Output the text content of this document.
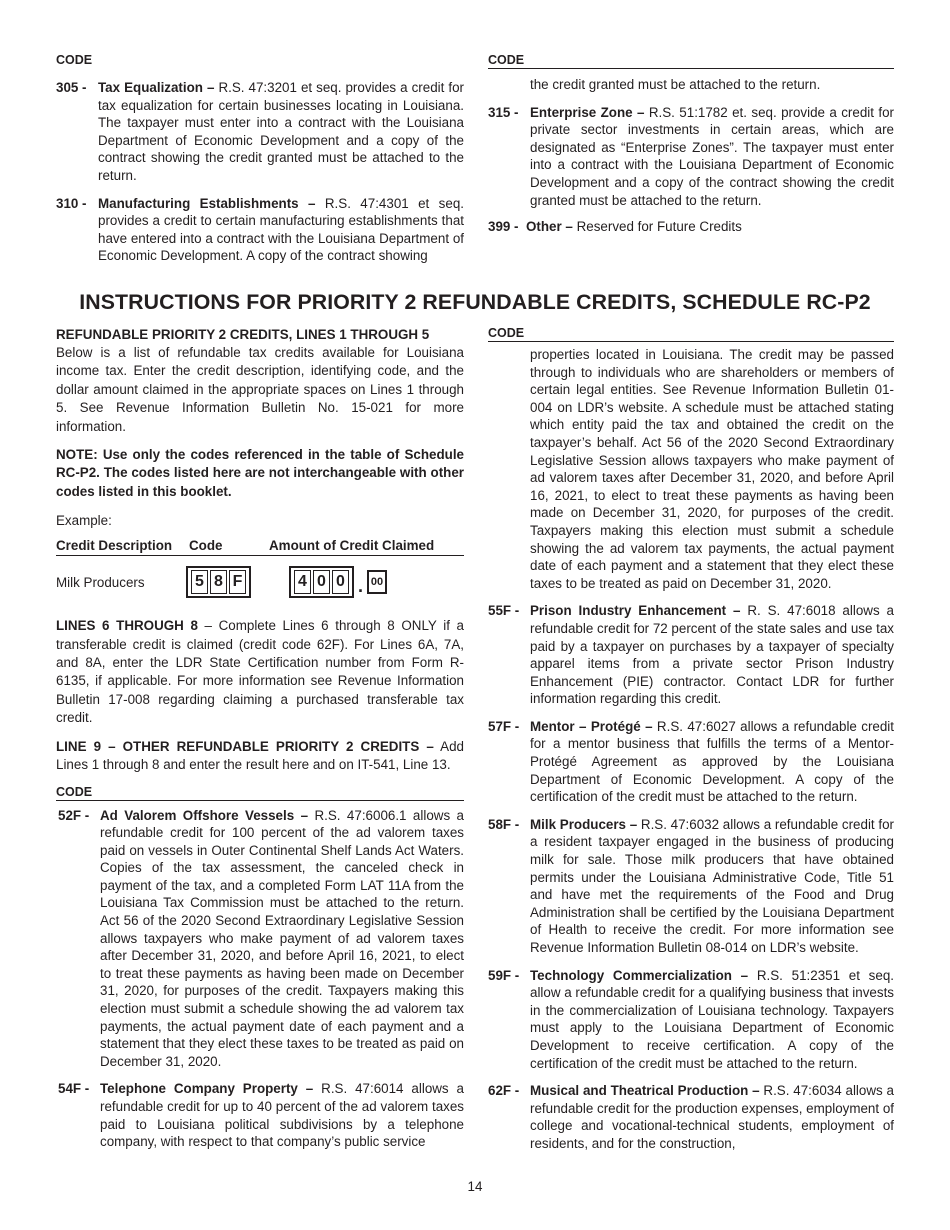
CODE
305 - Tax Equalization – R.S. 47:3201 et seq. provides a credit for tax equalization for certain businesses locating in Louisiana. The taxpayer must enter into a contract with the Louisiana Department of Economic Development and a copy of the contract showing the credit granted must be attached to the return.
310 - Manufacturing Establishments – R.S. 47:4301 et seq. provides a credit to certain manufacturing establishments that have entered into a contract with the Louisiana Department of Economic Development. A copy of the contract showing
CODE
the credit granted must be attached to the return.
315 - Enterprise Zone – R.S. 51:1782 et. seq. provide a credit for private sector investments in certain areas, which are designated as “Enterprise Zones”. The taxpayer must enter into a contract with the Louisiana Department of Economic Development and a copy of the contract showing the credit granted must be attached to the return.
399 - Other – Reserved for Future Credits
INSTRUCTIONS FOR PRIORITY 2 REFUNDABLE CREDITS, SCHEDULE RC-P2
REFUNDABLE PRIORITY 2 CREDITS, LINES 1 THROUGH 5
Below is a list of refundable tax credits available for Louisiana income tax. Enter the credit description, identifying code, and the dollar amount claimed in the appropriate spaces on Lines 1 through 5. See Revenue Information Bulletin No. 15-021 for more information.
NOTE: Use only the codes referenced in the table of Schedule RC-P2. The codes listed here are not interchangeable with other codes listed in this booklet.
Example:
Credit Description	Code	Amount of Credit Claimed
Milk Producers	5 8 F	4 0 0 . 00
LINES 6 THROUGH 8 – Complete Lines 6 through 8 ONLY if a transferable credit is claimed (credit code 62F). For Lines 6A, 7A, and 8A, enter the LDR State Certification number from Form R-6135, if applicable. For more information see Revenue Information Bulletin 17-008 regarding claiming a purchased transferable tax credit.
LINE 9 – OTHER REFUNDABLE PRIORITY 2 CREDITS – Add Lines 1 through 8 and enter the result here and on IT-541, Line 13.
CODE
52F - Ad Valorem Offshore Vessels – R.S. 47:6006.1 allows a refundable credit for 100 percent of the ad valorem taxes paid on vessels in Outer Continental Shelf Lands Act Waters. Copies of the tax assessment, the canceled check in payment of the tax, and a completed Form LAT 11A from the Louisiana Tax Commission must be attached to the return. Act 56 of the 2020 Second Extraordinary Legislative Session allows taxpayers who make payment of ad valorem taxes after December 31, 2020, and before April 16, 2021, to elect to treat these payments as having been made on December 31, 2020, for purposes of the credit. Taxpayers making this election must submit a schedule showing the ad valorem tax payments, the actual payment date of each payment and a statement that they elect these taxes to be treated as paid on December 31, 2020.
54F - Telephone Company Property – R.S. 47:6014 allows a refundable credit for up to 40 percent of the ad valorem taxes paid to Louisiana political subdivisions by a telephone company, with respect to that company’s public service
CODE
properties located in Louisiana. The credit may be passed through to individuals who are shareholders or members of certain legal entities. See Revenue Information Bulletin 01-004 on LDR’s website. A schedule must be attached stating which entity paid the tax and obtained the credit on the taxpayer’s behalf. Act 56 of the 2020 Second Extraordinary Legislative Session allows taxpayers who make payment of ad valorem taxes after December 31, 2020, and before April 16, 2021, to elect to treat these payments as having been made on December 31, 2020, for purposes of the credit. Taxpayers making this election must submit a schedule showing the ad valorem tax payments, the actual payment date of each payment and a statement that they elect these taxes to be treated as paid on December 31, 2020.
55F - Prison Industry Enhancement – R. S. 47:6018 allows a refundable credit for 72 percent of the state sales and use tax paid by a taxpayer on purchases by a taxpayer of specialty apparel items from a private sector Prison Industry Enhancement (PIE) contractor. Contact LDR for further information regarding this credit.
57F - Mentor – Protégé – R.S. 47:6027 allows a refundable credit for a mentor business that fulfills the terms of a Mentor-Protégé Agreement as approved by the Louisiana Department of Economic Development. A copy of the certification of the credit must be attached to the return.
58F - Milk Producers – R.S. 47:6032 allows a refundable credit for a resident taxpayer engaged in the business of producing milk for sale. Those milk producers that have obtained permits under the Louisiana Administrative Code, Title 51 and have met the requirements of the Food and Drug Administration shall be certified by the Louisiana Department of Health to receive the credit. For more information see Revenue Information Bulletin 08-014 on LDR’s website.
59F - Technology Commercialization – R.S. 51:2351 et seq. allow a refundable credit for a qualifying business that invests in the commercialization of Louisiana technology. Taxpayers must apply to the Louisiana Department of Economic Development to receive certification. A copy of the certification of the credit must be attached to the return.
62F - Musical and Theatrical Production – R.S. 47:6034 allows a refundable credit for the production expenses, employment of college and vocational-technical students, employment of residents, and for the construction,
14
